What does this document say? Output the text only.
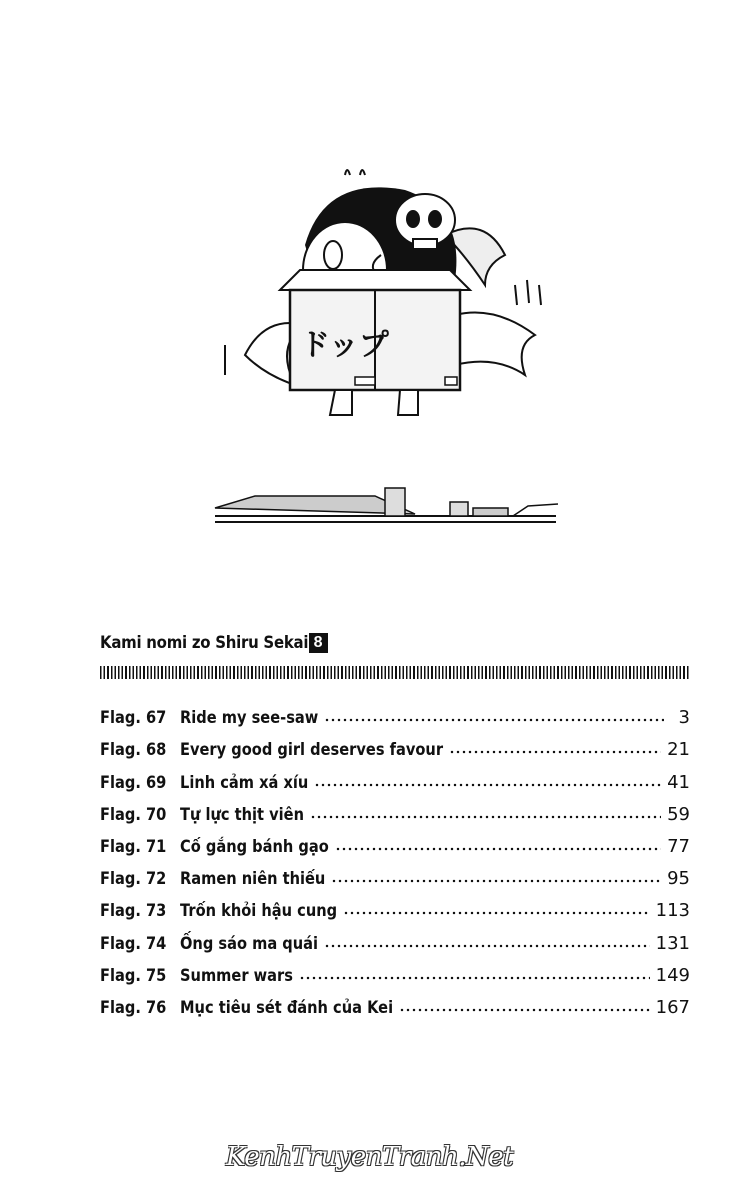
ドップ
Kami nomi zo Shiru Sekai 8
Flag. 67 Ride my see-saw	3
Flag. 68 Every good girl deserves favour	21
Flag. 69 Linh cảm xá xíu	41
Flag. 70 Tự lực thịt viên	59
Flag. 71 Cố gắng bánh gạo	77
Flag. 72 Ramen niên thiếu	95
Flag. 73 Trốn khỏi hậu cung	113
Flag. 74 Ống sáo ma quái	131
Flag. 75 Summer wars	149
Flag. 76 Mục tiêu sét đánh của Kei	167
KenhTruyenTranh.Net
